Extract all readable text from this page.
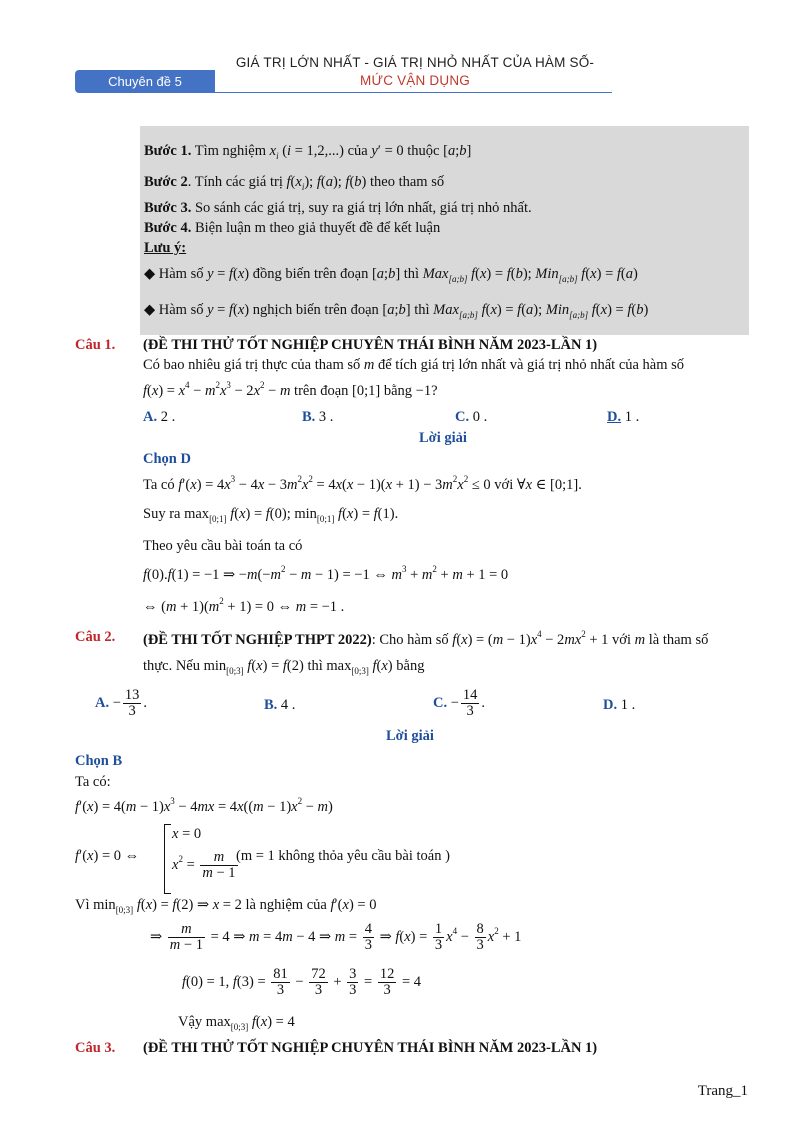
GIÁ TRỊ LỚN NHẤT - GIÁ TRỊ NHỎ NHẤT CỦA HÀM SỐ-
MỨC VẬN DỤNG
Chuyên đề 5
Bước 1. Tìm nghiệm $x_i$ (i = 1,2,...) của y′ = 0 thuộc [a;b]
Bước 2. Tính các giá trị $f(x_i)$; f(a); f(b) theo tham số
Bước 3. So sánh các giá trị, suy ra giá trị lớn nhất, giá trị nhỏ nhất.
Bước 4. Biện luận m theo giả thuyết đề để kết luận
Lưu ý:
◆ Hàm số y = f(x) đồng biến trên đoạn [a;b] thì Max$_{[a;b]}$ f(x) = f(b); Min$_{[a;b]}$ f(x) = f(a)
◆ Hàm số y = f(x) nghịch biến trên đoạn [a;b] thì Max$_{[a;b]}$ f(x) = f(a); Min$_{[a;b]}$ f(x) = f(b)
Câu 1. (ĐỀ THI THỬ TỐT NGHIỆP CHUYÊN THÁI BÌNH NĂM 2023-LẦN 1)
Có bao nhiêu giá trị thực của tham số m để tích giá trị lớn nhất và giá trị nhỏ nhất của hàm số
$f(x) = x^4 - m^2x^3 - 2x^2 - m$ trên đoạn [0;1] bằng −1?
A. 2 .	B. 3 .	C. 0 .	D. 1 .
Lời giải
Chọn D
Ta có $f'(x) = 4x^3 - 4x - 3m^2x^2 = 4x(x - 1)(x + 1) - 3m^2x^2 \le 0$ với ∀x ∈ [0;1].
Suy ra $\max_{[0;1]} f(x) = f(0)$; $\min_{[0;1]} f(x) = f(1)$.
Theo yêu cầu bài toán ta có
f(0).f(1) = −1 ⇒ $-m(-m^2 - m - 1) = -1$ ⇔ $m^3 + m^2 + m + 1 = 0$
⇔ $(m + 1)(m^2 + 1) = 0$ ⇔ m = −1 .
Câu 2. (ĐỀ THI TỐT NGHIỆP THPT 2022): Cho hàm số $f(x) = (m - 1)x^4 - 2mx^2 + 1$ với m là tham số
thực. Nếu $\min_{[0;3]} f(x) = f(2)$ thì $\max_{[0;3]} f(x)$ bằng
A. − $\frac{13}{3}$ .	B. 4 .	C. − $\frac{14}{3}$ .	D. 1 .
Lời giải
Chọn B
Ta có:
$f'(x) = 4(m - 1)x^3 - 4mx = 4x((m - 1)x^2 - m)$
f′(x) = 0 ⇔
x = 0
$x^2 = \frac{m}{m - 1}$
(m = 1 không thỏa yêu cầu bài toán )
Vì $\min_{[0;3]} f(x) = f(2)$ ⇒ x = 2 là nghiệm của f′(x) = 0
⇒ $\frac{m}{m - 1} = 4$ ⇒ m = 4m − 4 ⇒ $m = \frac{4}{3}$ ⇒ $f(x) = \frac{1}{3} x^4 - \frac{8}{3} x^2 + 1$
f(0) = 1, $f(3) = \frac{81}{3} - \frac{72}{3} + \frac{3}{3} = \frac{12}{3} = 4$
Vậy $\max_{[0;3]} f(x) = 4$
Câu 3. (ĐỀ THI THỬ TỐT NGHIỆP CHUYÊN THÁI BÌNH NĂM 2023-LẦN 1)
Trang_1
